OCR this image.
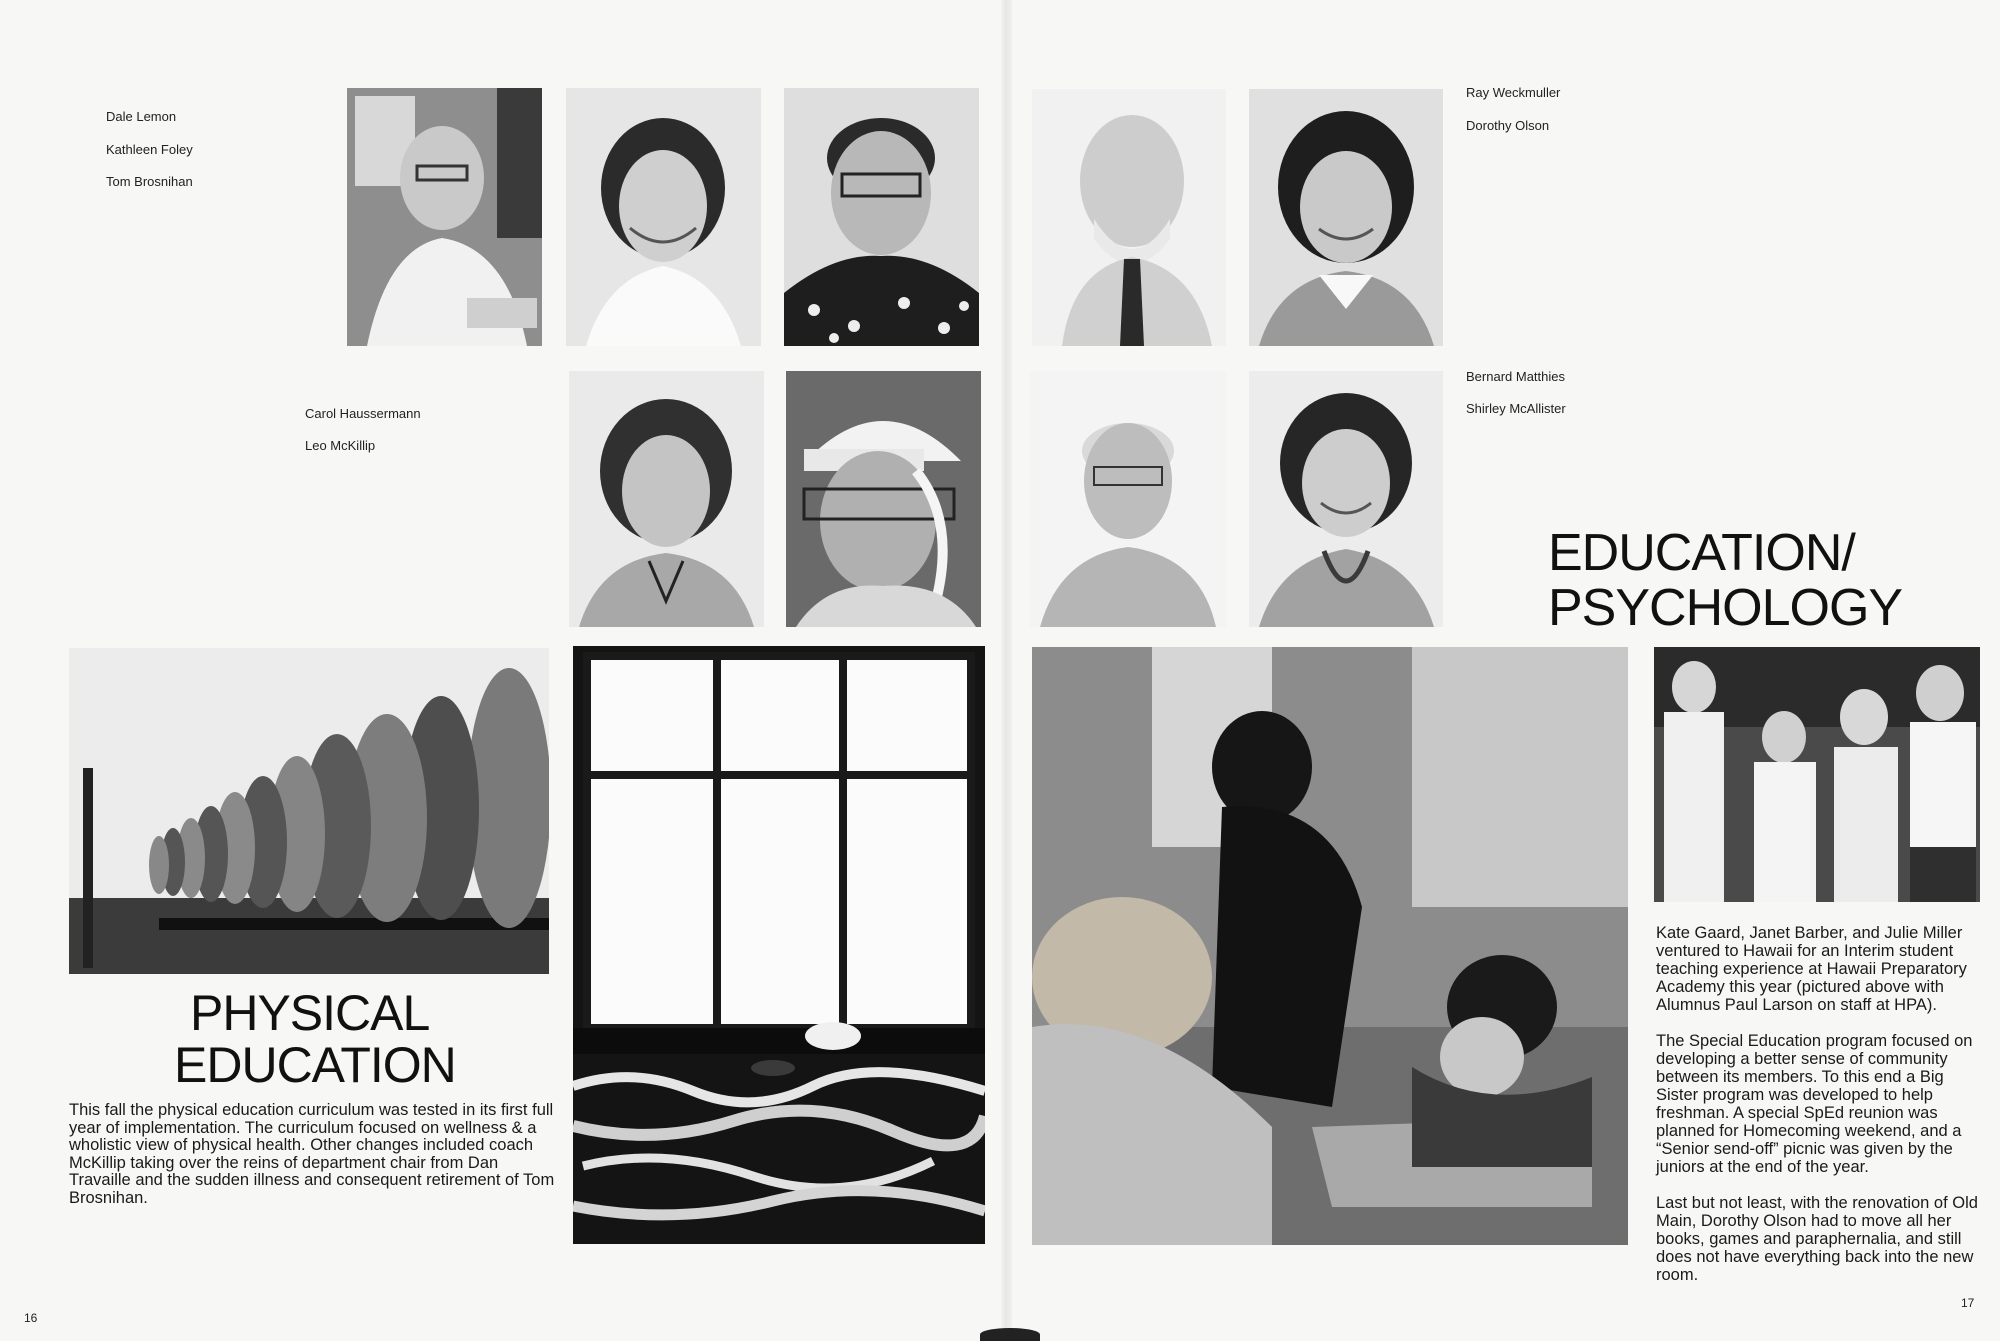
Dale Lemon
Kathleen Foley
Tom Brosnihan
Carol Haussermann
Leo McKillip
PHYSICAL
EDUCATION
This fall the physical education curriculum was tested in its first full year of implementation. The curriculum focused on wellness & a wholistic view of physical health. Other changes included coach McKillip taking over the reins of department chair from Dan Travaille and the sudden illness and consequent retirement of Tom Brosnihan.
16
Ray Weckmuller
Dorothy Olson
Bernard Matthies
Shirley McAllister
EDUCATION/
PSYCHOLOGY

Kate Gaard, Janet Barber, and Julie Miller ventured to Hawaii for an Interim student teaching experience at Hawaii Preparatory Academy this year (pictured above with Alumnus Paul Larson on staff at HPA).

The Special Education program focused on developing a better sense of community between its members. To this end a Big Sister program was developed to help freshman. A special SpEd reunion was planned for Homecoming weekend, and a “Senior send-off” picnic was given by the juniors at the end of the year.

Last but not least, with the renovation of Old Main, Dorothy Olson had to move all her books, games and paraphernalia, and still does not have everything back into the new room.

17
